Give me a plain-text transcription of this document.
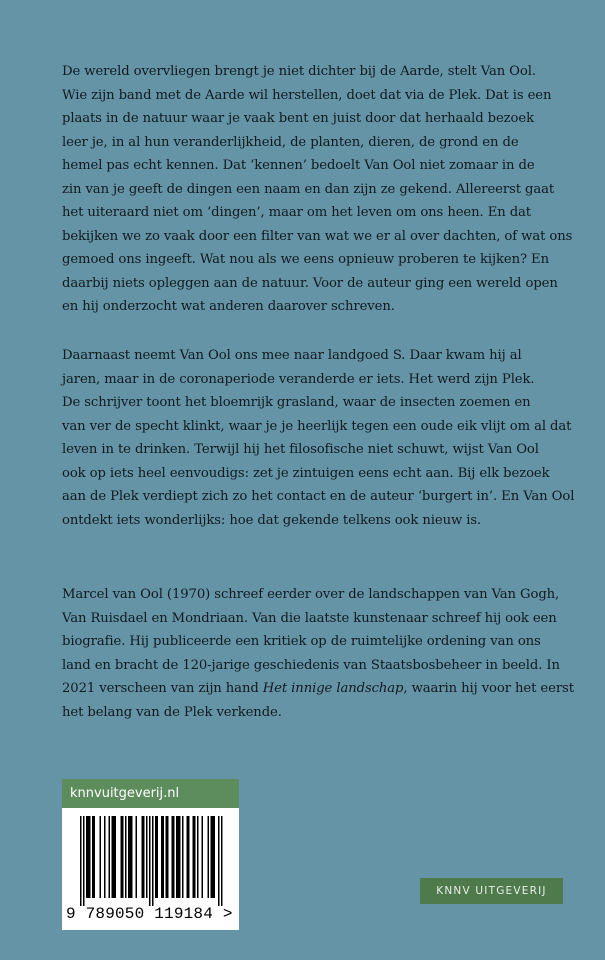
De wereld overvliegen brengt je niet dichter bij de Aarde, stelt Van Ool.
Wie zijn band met de Aarde wil herstellen, doet dat via de Plek. Dat is een
plaats in de natuur waar je vaak bent en juist door dat herhaald bezoek
leer je, in al hun veranderlijkheid, de planten, dieren, de grond en de
hemel pas echt kennen. Dat ‘kennen’ bedoelt Van Ool niet zomaar in de
zin van je geeft de dingen een naam en dan zijn ze gekend. Allereerst gaat
het uiteraard niet om ‘dingen’, maar om het leven om ons heen. En dat
bekijken we zo vaak door een filter van wat we er al over dachten, of wat ons
gemoed ons ingeeft. Wat nou als we eens opnieuw proberen te kijken? En
daarbij niets opleggen aan de natuur. Voor de auteur ging een wereld open
en hij onderzocht wat anderen daarover schreven.
Daarnaast neemt Van Ool ons mee naar landgoed S. Daar kwam hij al
jaren, maar in de coronaperiode veranderde er iets. Het werd zijn Plek.
De schrijver toont het bloemrijk grasland, waar de insecten zoemen en
van ver de specht klinkt, waar je je heerlijk tegen een oude eik vlijt om al dat
leven in te drinken. Terwijl hij het filosofische niet schuwt, wijst Van Ool
ook op iets heel eenvoudigs: zet je zintuigen eens echt aan. Bij elk bezoek
aan de Plek verdiept zich zo het contact en de auteur ‘burgert in’. En Van Ool
ontdekt iets wonderlijks: hoe dat gekende telkens ook nieuw is.
Marcel van Ool (1970) schreef eerder over de landschappen van Van Gogh,
Van Ruisdael en Mondriaan. Van die laatste kunstenaar schreef hij ook een
biografie. Hij publiceerde een kritiek op de ruimtelijke ordening van ons
land en bracht de 120-jarige geschiedenis van Staatsbosbeheer in beeld. In
2021 verscheen van zijn hand Het innige landschap, waarin hij voor het eerst
het belang van de Plek verkende.
knnvuitgeverij.nl
9 789050 119184 >
KNNV UITGEVERIJ
